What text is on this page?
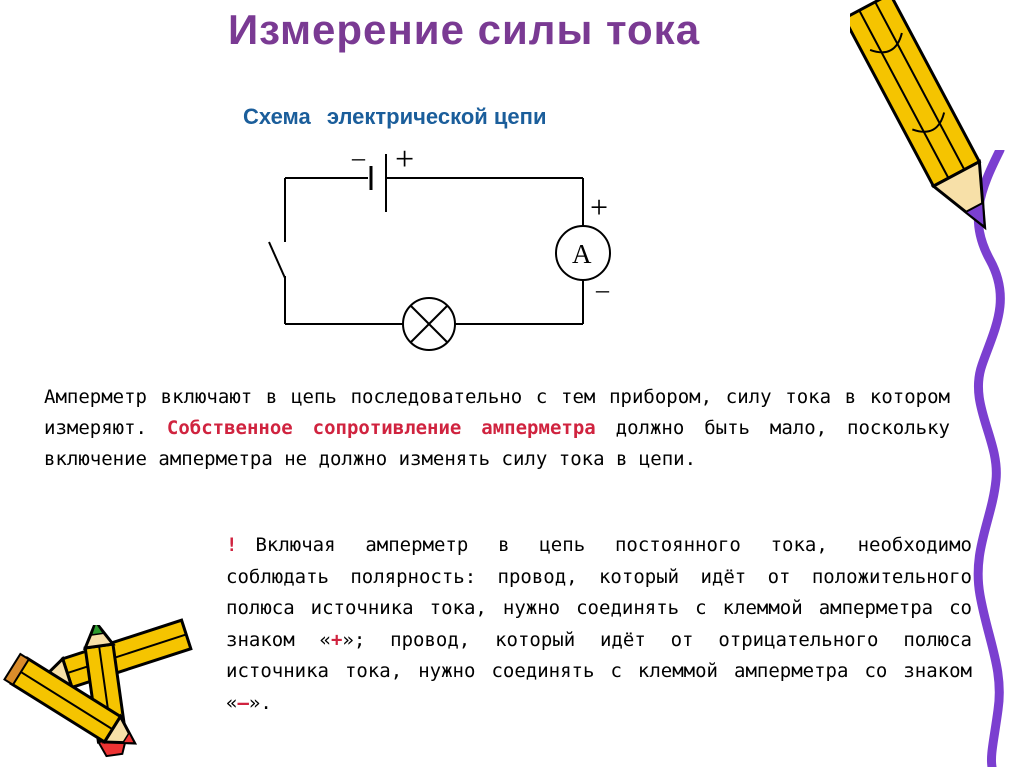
Измерение силы тока
Схема электрической цепи
– +
А
+
–
Амперметр включают в цепь последовательно с тем прибором, силу тока в котором измеряют. Собственное сопротивление амперметра должно быть мало, поскольку включение амперметра не должно изменять силу тока в цепи.
! Включая амперметр в цепь постоянного тока, необходимо соблюдать полярность: провод, который идёт от положительного полюса источника тока, нужно соединять с клеммой амперметра со знаком «+»; провод, который идёт от отрицательного полюса источника тока, нужно соединять с клеммой амперметра со знаком «–».
